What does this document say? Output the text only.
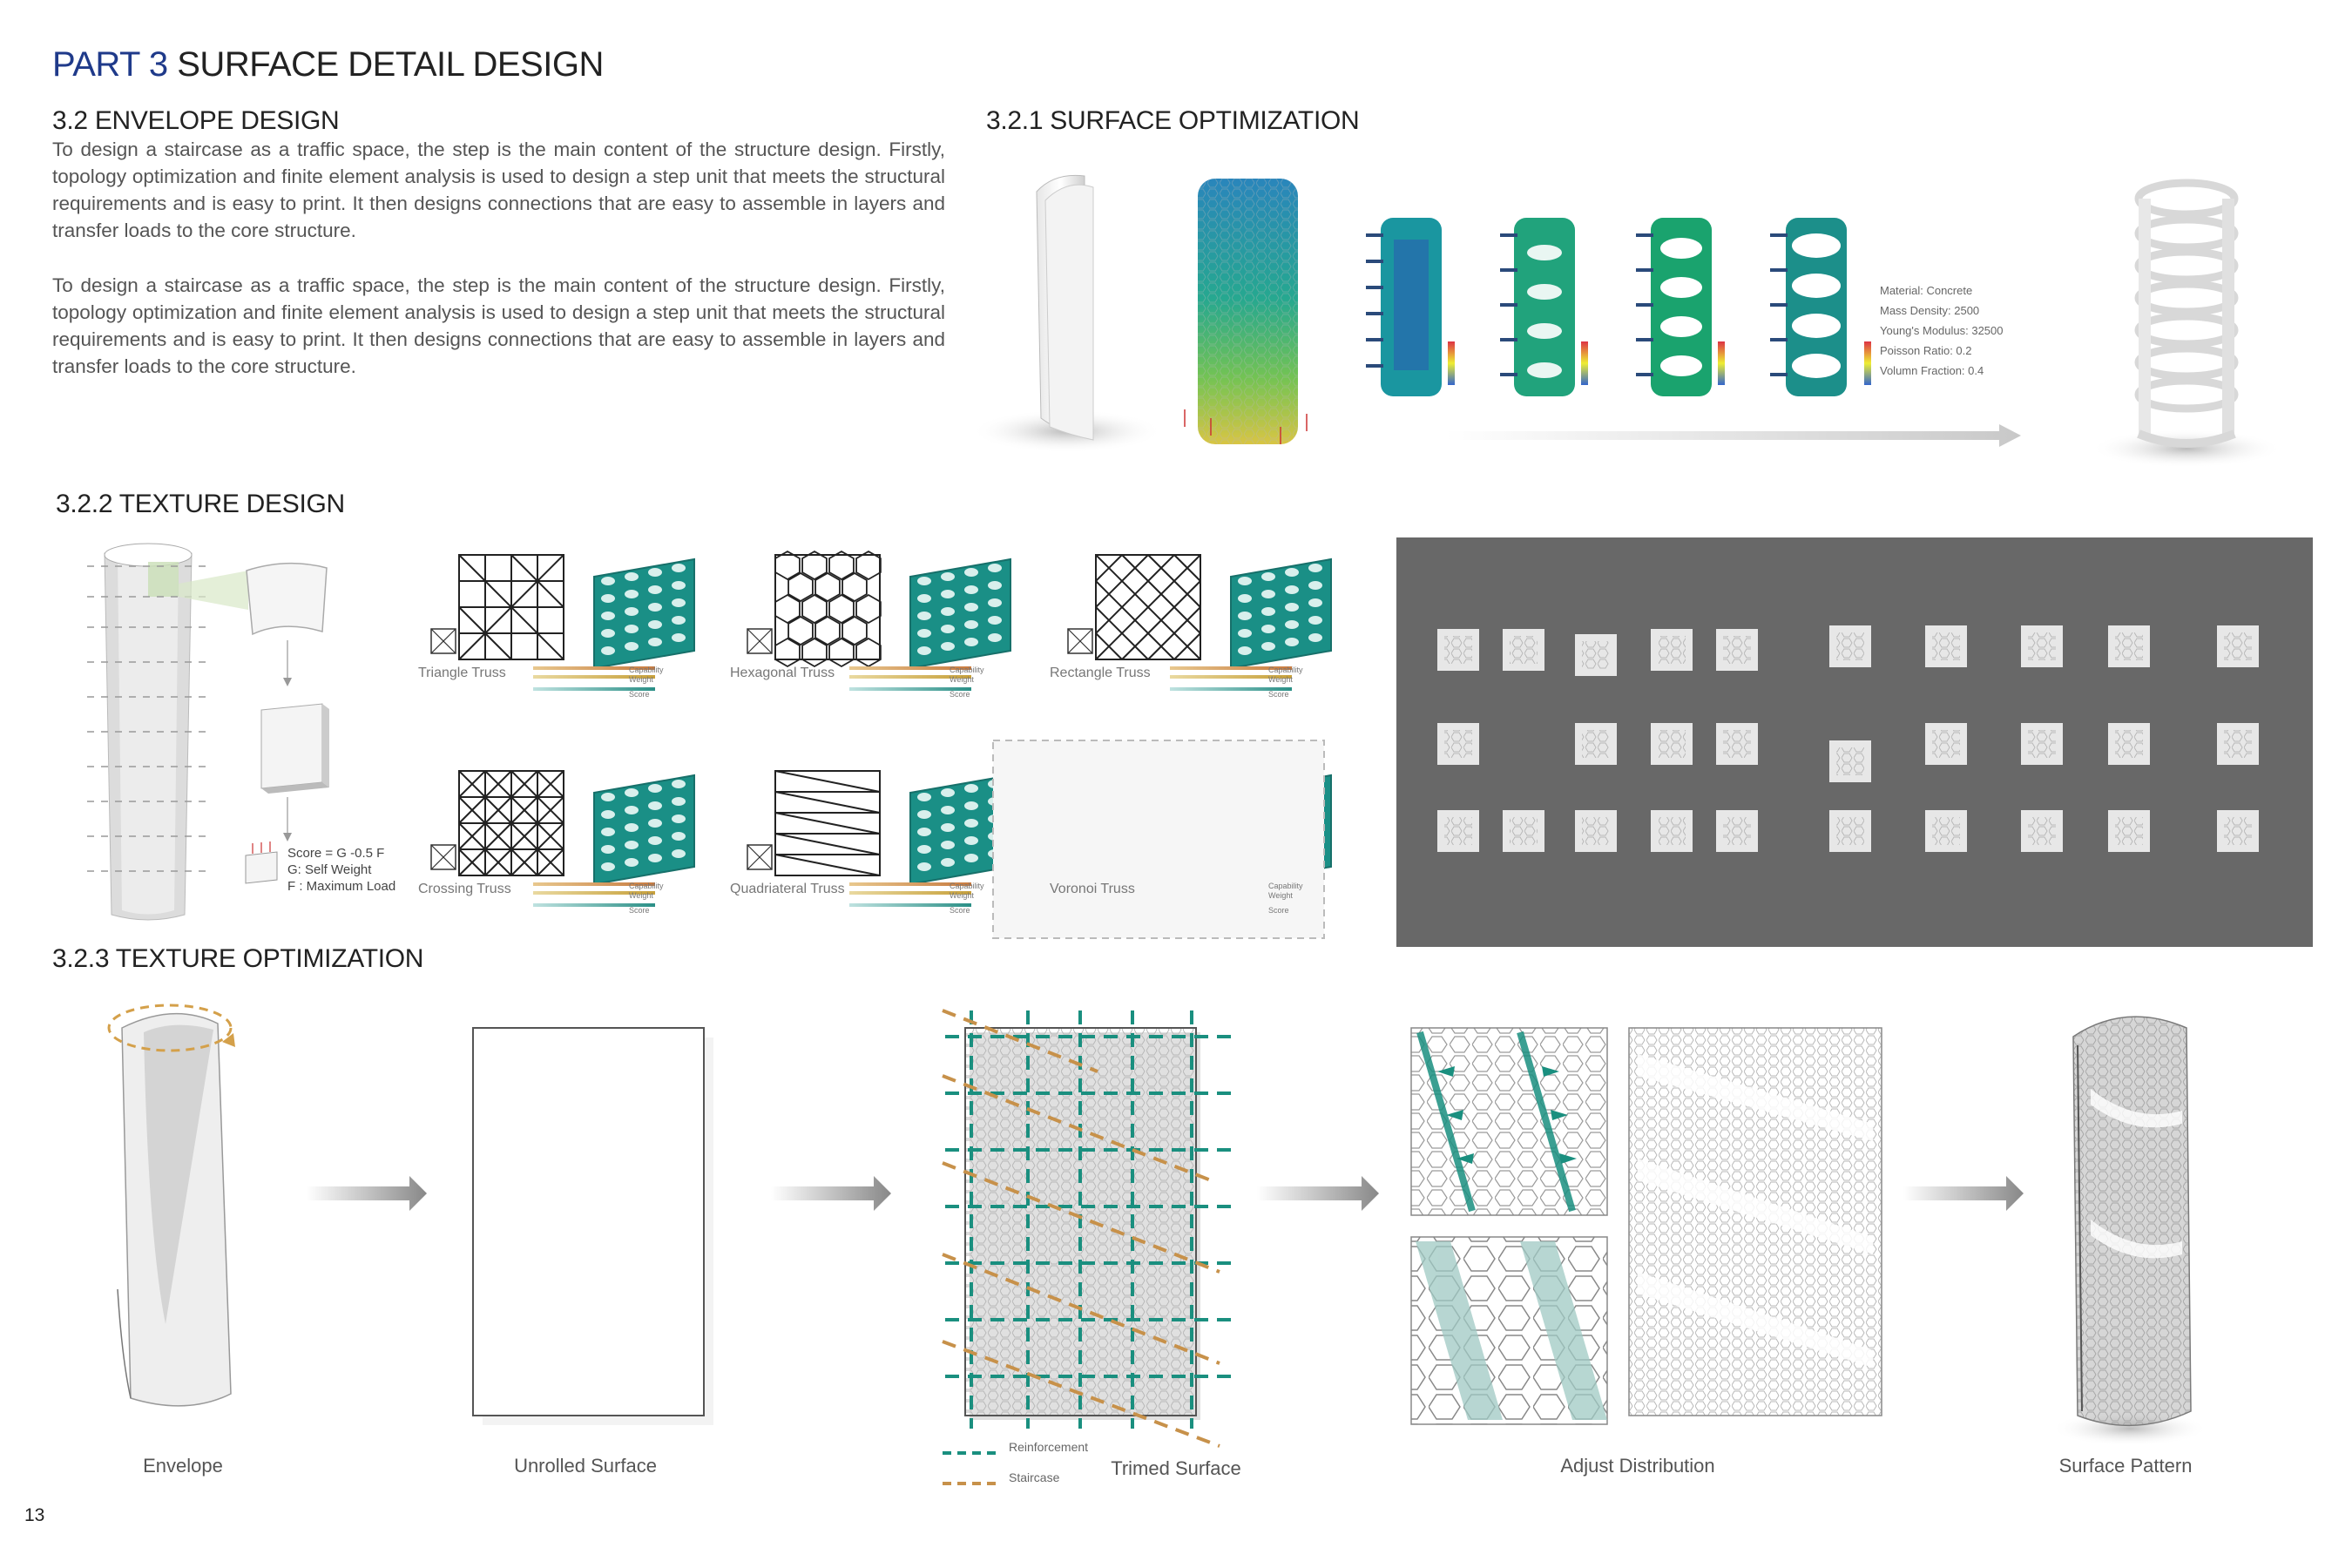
PART 3 SURFACE DETAIL DESIGN
3.2 ENVELOPE DESIGN
To design a staircase as a traffic space, the step is the main content of the structure design. Firstly, topology optimization and finite element analysis is used to design a step unit that meets the structural requirements and is easy to print. It then designs connections that are easy to assemble in layers and transfer loads to the core structure.
To design a staircase as a traffic space, the step is the main content of the structure design. Firstly, topology optimization and finite element analysis is used to design a step unit that meets the structural requirements and is easy to print. It then designs connections that are easy to assemble in layers and transfer loads to the core structure.
3.2.1 SURFACE OPTIMIZATION
3.2.2 TEXTURE DESIGN
3.2.3 TEXTURE OPTIMIZATION
Material: Concrete
Mass Density: 2500
Young's Modulus: 32500
Poisson Ratio: 0.2
Volumn Fraction: 0.4
Score = G -0.5 F
G: Self Weight
F : Maximum Load
Triangle Truss	Hexagonal Truss	Rectangle Truss
Crossing Truss	Quadriateral Truss	Voronoi Truss
Capability
Weight
Score
Capability
Weight
Score
Capability
Weight
Score
Capability
Weight
Score
Capability
Weight
Score
Capability
Weight
Score
Envelope	Unrolled Surface	Trimed Surface	Adjust Distribution	Surface Pattern
Reinforcement
Staircase
13
